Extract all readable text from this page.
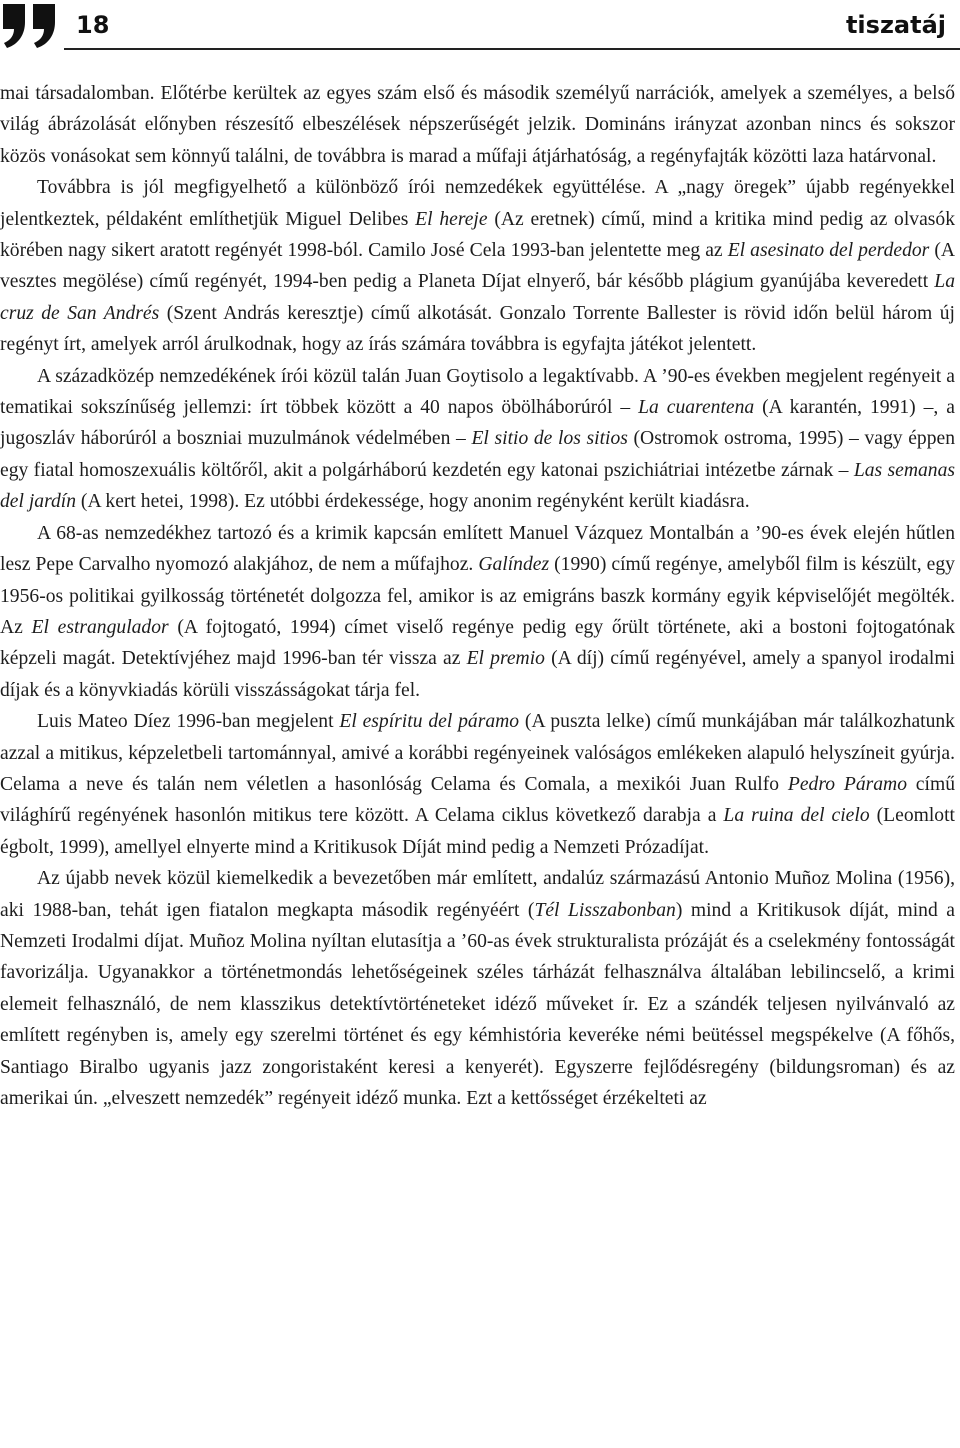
18	tiszatáj

mai társadalomban. Előtérbe kerültek az egyes szám első és második személyű narrációk, amelyek a személyes, a belső világ ábrázolását előnyben részesítő elbeszélések népszerűségét jelzik. Domináns irányzat azonban nincs és sokszor közös vonásokat sem könnyű találni, de továbbra is marad a műfaji átjárhatóság, a regényfajták közötti laza határvonal.

Továbbra is jól megfigyelhető a különböző írói nemzedékek együttélése. A „nagy öregek” újabb regényekkel jelentkeztek, példaként említhetjük Miguel Delibes El hereje (Az eretnek) című, mind a kritika mind pedig az olvasók körében nagy sikert aratott regényét 1998-ból. Camilo José Cela 1993-ban jelentette meg az El asesinato del perdedor (A vesztes megölése) című regényét, 1994-ben pedig a Planeta Díjat elnyerő, bár később plágium gyanújába keveredett La cruz de San Andrés (Szent András keresztje) című alkotását. Gonzalo Torrente Ballester is rövid időn belül három új regényt írt, amelyek arról árulkodnak, hogy az írás számára továbbra is egyfajta játékot jelentett.

A századközép nemzedékének írói közül talán Juan Goytisolo a legaktívabb. A ’90-es években megjelent regényeit a tematikai sokszínűség jellemzi: írt többek között a 40 napos öbölháborúról – La cuarentena (A karantén, 1991) –, a jugoszláv háborúról a boszniai muzulmánok védelmében – El sitio de los sitios (Ostromok ostroma, 1995) – vagy éppen egy fiatal homoszexuális költőről, akit a polgárháború kezdetén egy katonai pszichiátriai intézetbe zárnak – Las semanas del jardín (A kert hetei, 1998). Ez utóbbi érdekessége, hogy anonim regényként került kiadásra.

A 68-as nemzedékhez tartozó és a krimik kapcsán említett Manuel Vázquez Montalbán a ’90-es évek elején hűtlen lesz Pepe Carvalho nyomozó alakjához, de nem a műfajhoz. Galíndez (1990) című regénye, amelyből film is készült, egy 1956-os politikai gyilkosság történetét dolgozza fel, amikor is az emigráns baszk kormány egyik képviselőjét megölték. Az El estrangulador (A fojtogató, 1994) címet viselő regénye pedig egy őrült története, aki a bostoni fojtogatónak képzeli magát. Detektívjéhez majd 1996-ban tér vissza az El premio (A díj) című regényével, amely a spanyol irodalmi díjak és a könyvkiadás körüli visszásságokat tárja fel.

Luis Mateo Díez 1996-ban megjelent El espíritu del páramo (A puszta lelke) című munkájában már találkozhatunk azzal a mitikus, képzeletbeli tartománnyal, amivé a korábbi regényeinek valóságos emlékeken alapuló helyszíneit gyúrja. Celama a neve és talán nem véletlen a hasonlóság Celama és Comala, a mexikói Juan Rulfo Pedro Páramo című világhírű regényének hasonlón mitikus tere között. A Celama ciklus következő darabja a La ruina del cielo (Leomlott égbolt, 1999), amellyel elnyerte mind a Kritikusok Díját mind pedig a Nemzeti Prózadíjat.

Az újabb nevek közül kiemelkedik a bevezetőben már említett, andalúz származású Antonio Muñoz Molina (1956), aki 1988-ban, tehát igen fiatalon megkapta második regényéért (Tél Lisszabonban) mind a Kritikusok díját, mind a Nemzeti Irodalmi díjat. Muñoz Molina nyíltan elutasítja a ’60-as évek strukturalista prózáját és a cselekmény fontosságát favorizálja. Ugyanakkor a történetmondás lehetőségeinek széles tárházát felhasználva általában lebilincselő, a krimi elemeit felhasználó, de nem klasszikus detektívtörténeteket idéző műveket ír. Ez a szándék teljesen nyilvánvaló az említett regényben is, amely egy szerelmi történet és egy kémhistória keveréke némi beütéssel megspékelve (A főhős, Santiago Biralbo ugyanis jazz zongoristaként keresi a kenyerét). Egyszerre fejlődésregény (bildungsroman) és az amerikai ún. „elveszett nemzedék” regényeit idéző munka. Ezt a kettősséget érzékelteti az
